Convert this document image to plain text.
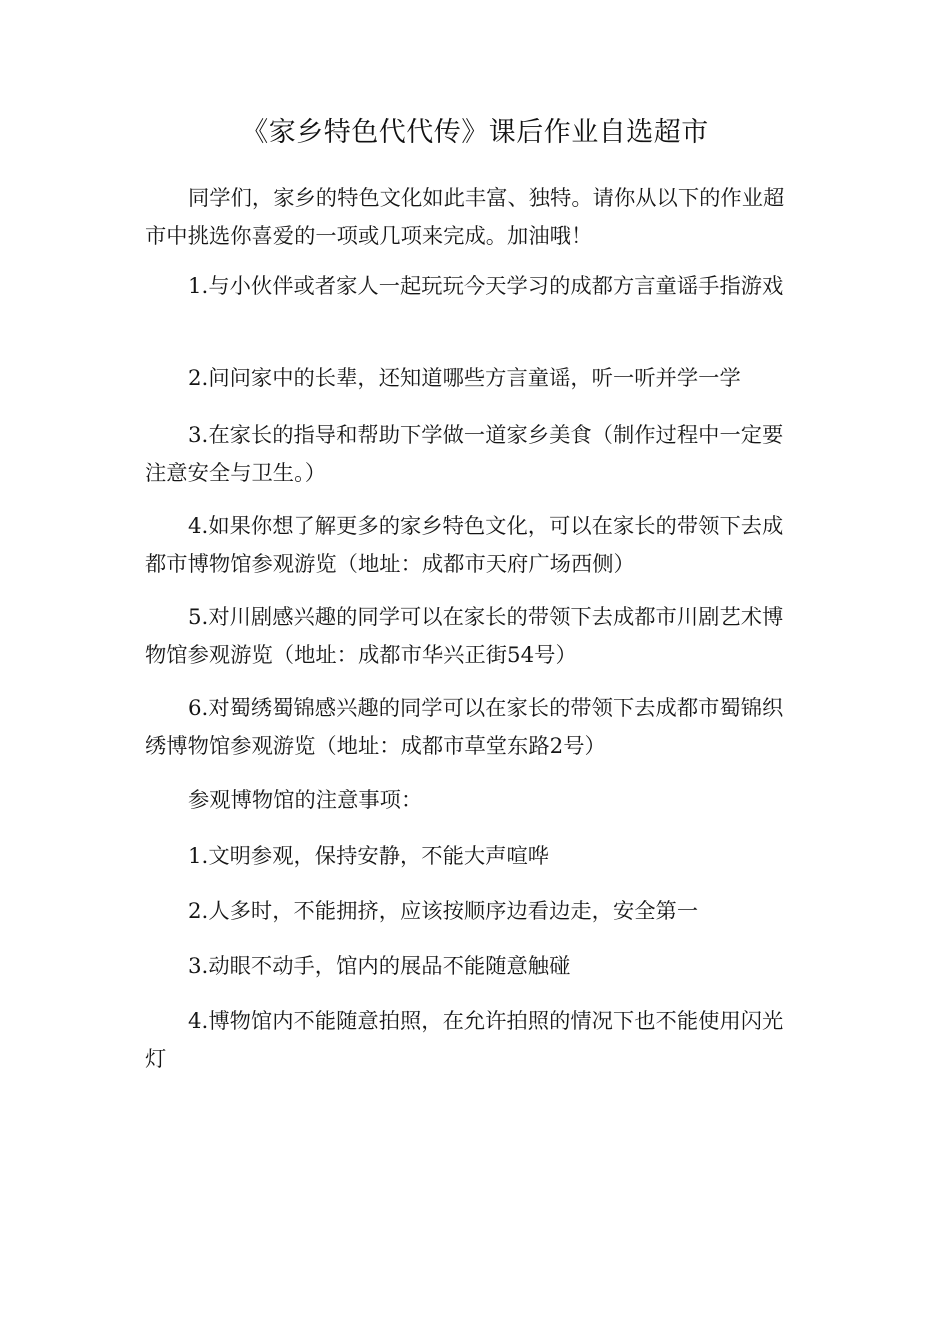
《家乡特色代代传》课后作业自选超市

同学们，家乡的特色文化如此丰富、独特。请你从以下的作业超市中挑选你喜爱的一项或几项来完成。加油哦！

1.与小伙伴或者家人一起玩玩今天学习的成都方言童谣手指游戏

2.问问家中的长辈，还知道哪些方言童谣，听一听并学一学

3.在家长的指导和帮助下学做一道家乡美食（制作过程中一定要注意安全与卫生。）

4.如果你想了解更多的家乡特色文化，可以在家长的带领下去成都市博物馆参观游览（地址：成都市天府广场西侧）

5.对川剧感兴趣的同学可以在家长的带领下去成都市川剧艺术博物馆参观游览（地址：成都市华兴正街54号）

6.对蜀绣蜀锦感兴趣的同学可以在家长的带领下去成都市蜀锦织绣博物馆参观游览（地址：成都市草堂东路2号）

参观博物馆的注意事项：

1.文明参观，保持安静，不能大声喧哗

2.人多时，不能拥挤，应该按顺序边看边走，安全第一

3.动眼不动手，馆内的展品不能随意触碰

4.博物馆内不能随意拍照，在允许拍照的情况下也不能使用闪光灯
